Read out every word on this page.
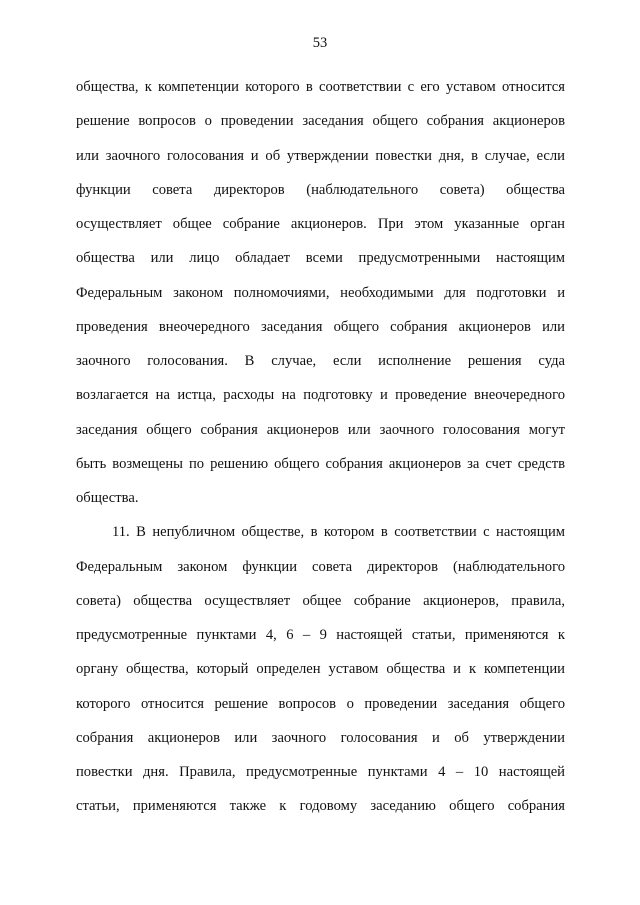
53
общества, к компетенции которого в соответствии с его уставом относится
решение вопросов о проведении заседания общего собрания акционеров
или заочного голосования и об утверждении повестки дня, в случае, если
функции совета директоров (наблюдательного совета) общества
осуществляет общее собрание акционеров. При этом указанные орган
общества или лицо обладает всеми предусмотренными настоящим
Федеральным законом полномочиями, необходимыми для подготовки и
проведения внеочередного заседания общего собрания акционеров или
заочного голосования. В случае, если исполнение решения суда
возлагается на истца, расходы на подготовку и проведение внеочередного
заседания общего собрания акционеров или заочного голосования могут
быть возмещены по решению общего собрания акционеров за счет средств
общества.
11. В непубличном обществе, в котором в соответствии с настоящим
Федеральным законом функции совета директоров (наблюдательного
совета) общества осуществляет общее собрание акционеров, правила,
предусмотренные пунктами 4, 6 – 9 настоящей статьи, применяются к
органу общества, который определен уставом общества и к компетенции
которого относится решение вопросов о проведении заседания общего
собрания акционеров или заочного голосования и об утверждении
повестки дня. Правила, предусмотренные пунктами 4 – 10 настоящей
статьи, применяются также к годовому заседанию общего собрания
